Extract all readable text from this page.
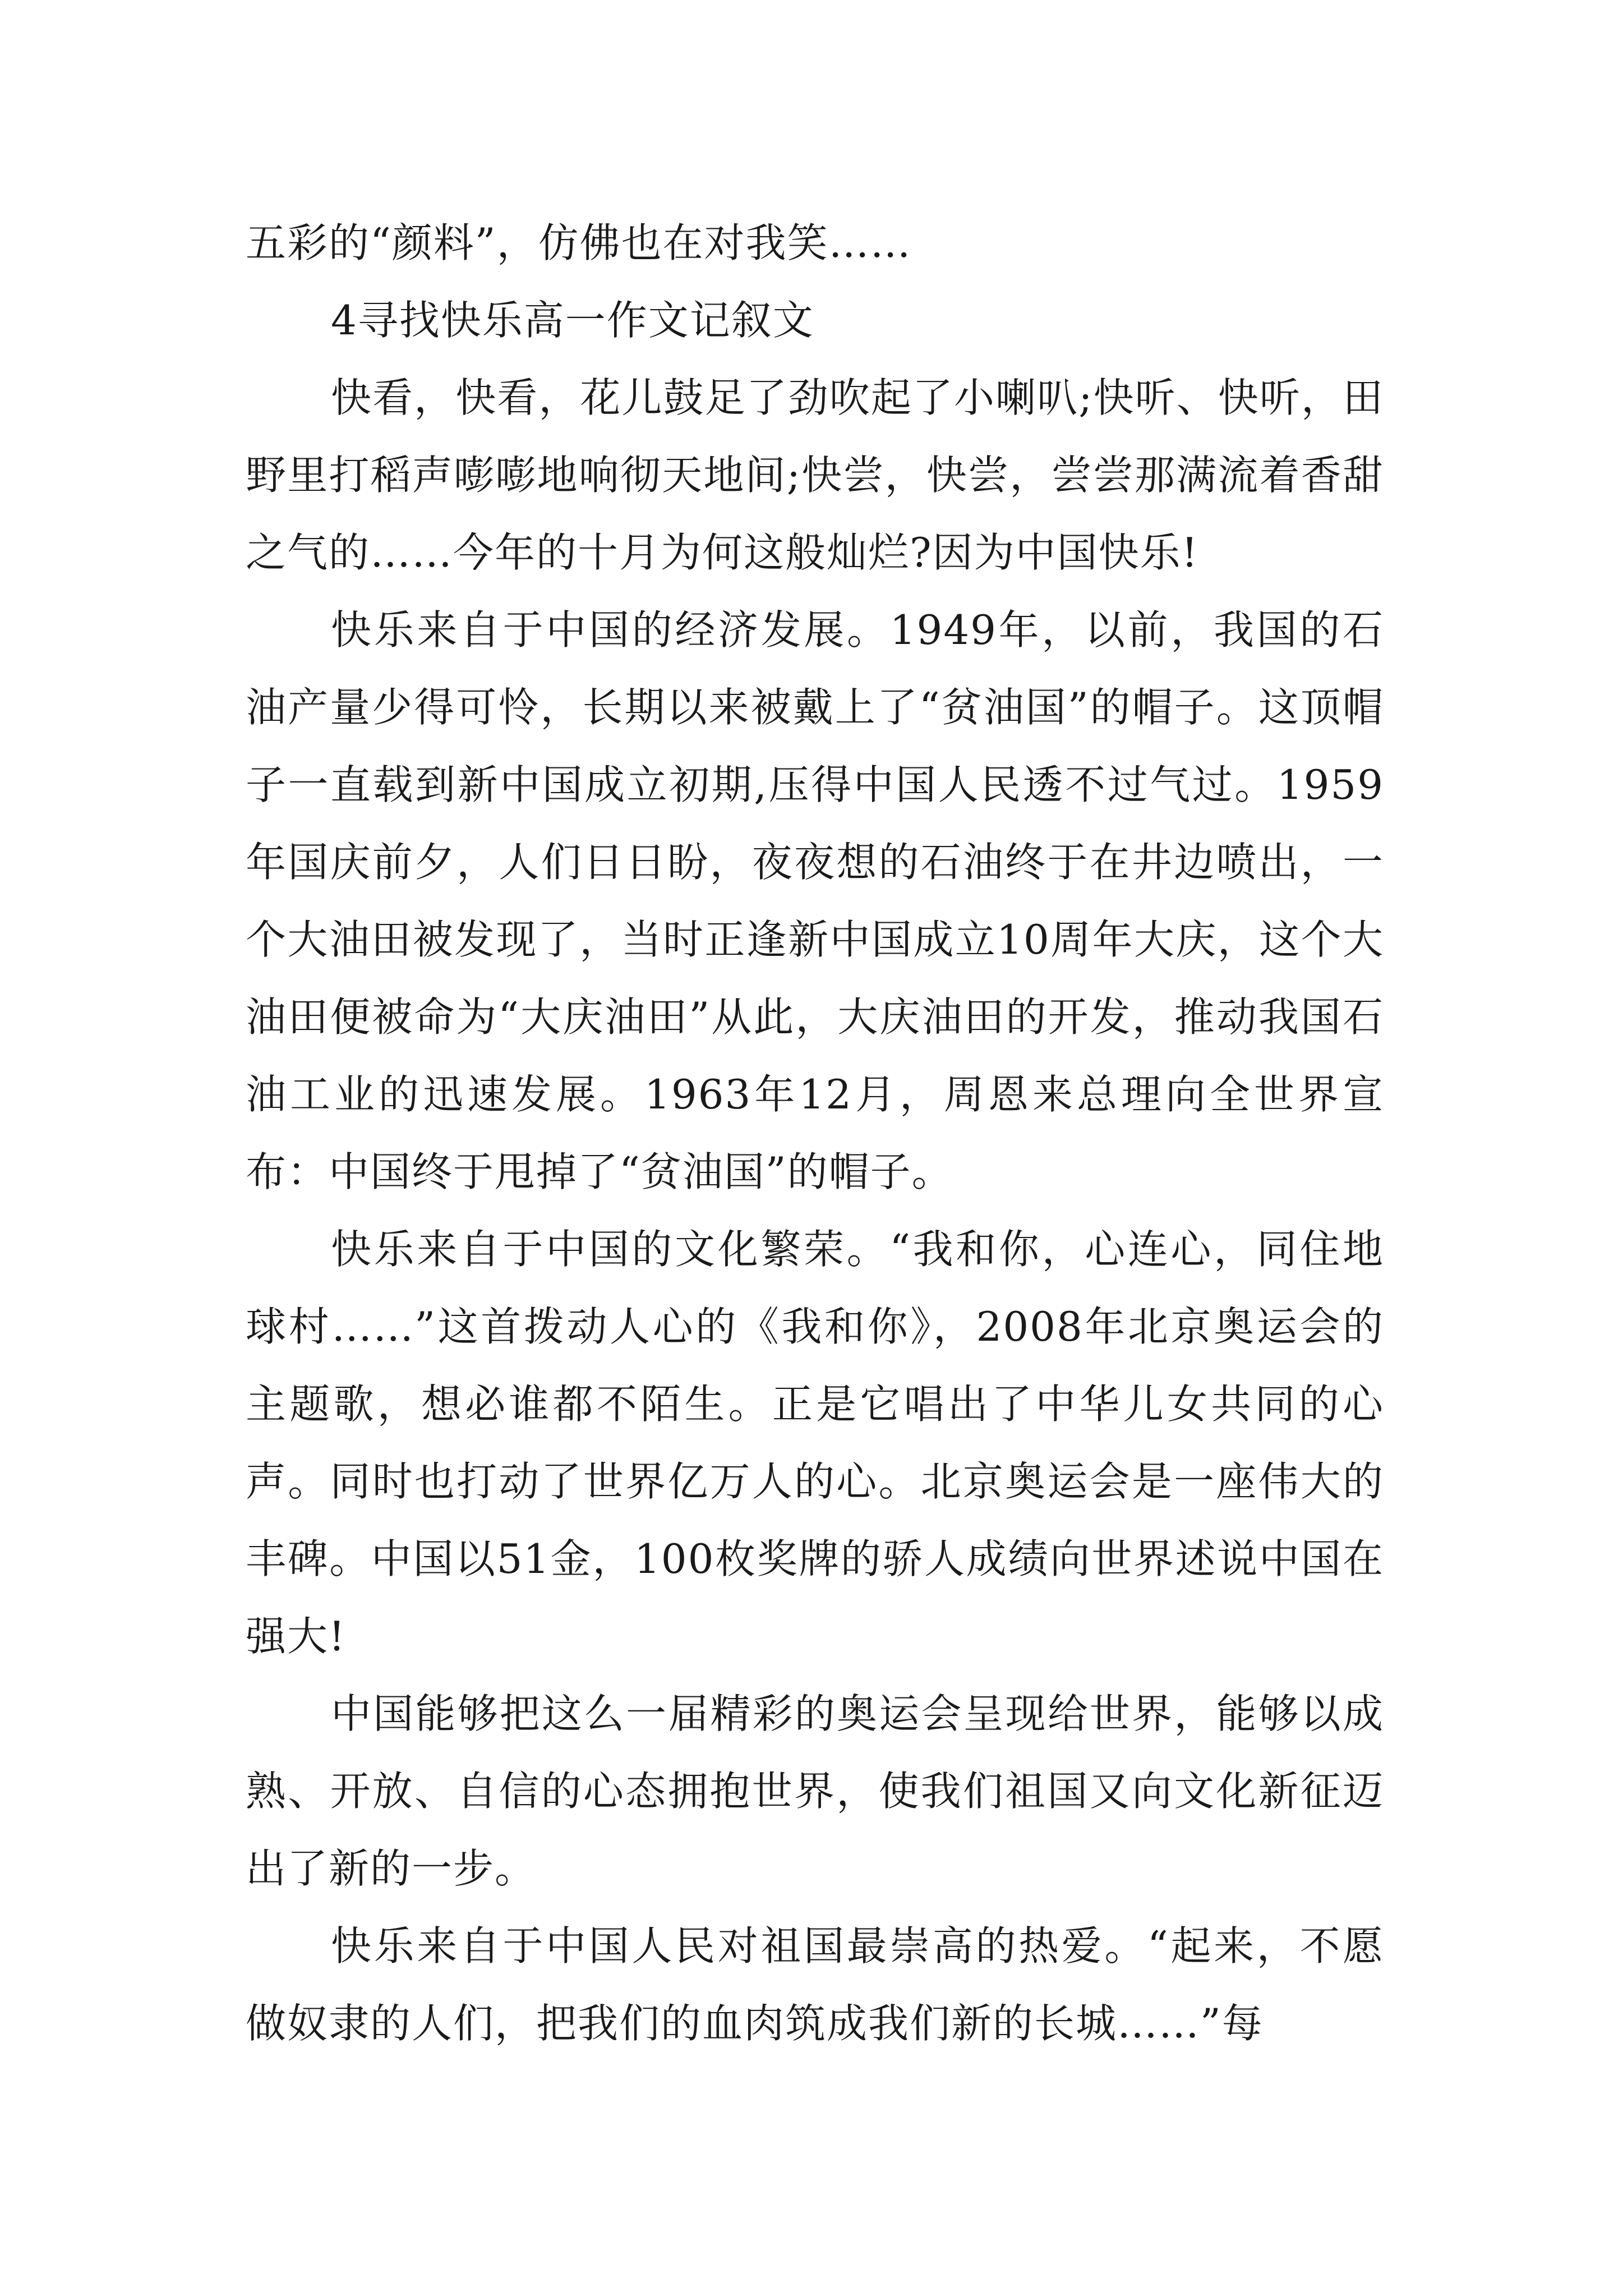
五彩的“颜料”，仿佛也在对我笑……

4寻找快乐高一作文记叙文

快看，快看，花儿鼓足了劲吹起了小喇叭;快听、快听，田野里打稻声嘭嘭地响彻天地间;快尝，快尝，尝尝那满流着香甜之气的……今年的十月为何这般灿烂?因为中国快乐!

快乐来自于中国的经济发展。1949年，以前，我国的石油产量少得可怜，长期以来被戴上了“贫油国”的帽子。这顶帽子一直载到新中国成立初期,压得中国人民透不过气过。1959年国庆前夕，人们日日盼，夜夜想的石油终于在井边喷出，一个大油田被发现了，当时正逢新中国成立10周年大庆，这个大油田便被命为“大庆油田”从此，大庆油田的开发，推动我国石油工业的迅速发展。1963年12月，周恩来总理向全世界宣布：中国终于甩掉了“贫油国”的帽子。

快乐来自于中国的文化繁荣。“我和你，心连心，同住地球村……”这首拨动人心的《我和你》，2008年北京奥运会的主题歌，想必谁都不陌生。正是它唱出了中华儿女共同的心声。同时也打动了世界亿万人的心。北京奥运会是一座伟大的丰碑。中国以51金，100枚奖牌的骄人成绩向世界述说中国在强大!

中国能够把这么一届精彩的奥运会呈现给世界，能够以成熟、开放、自信的心态拥抱世界，使我们祖国又向文化新征迈出了新的一步。

快乐来自于中国人民对祖国最崇高的热爱。“起来，不愿做奴隶的人们，把我们的血肉筑成我们新的长城……”每
